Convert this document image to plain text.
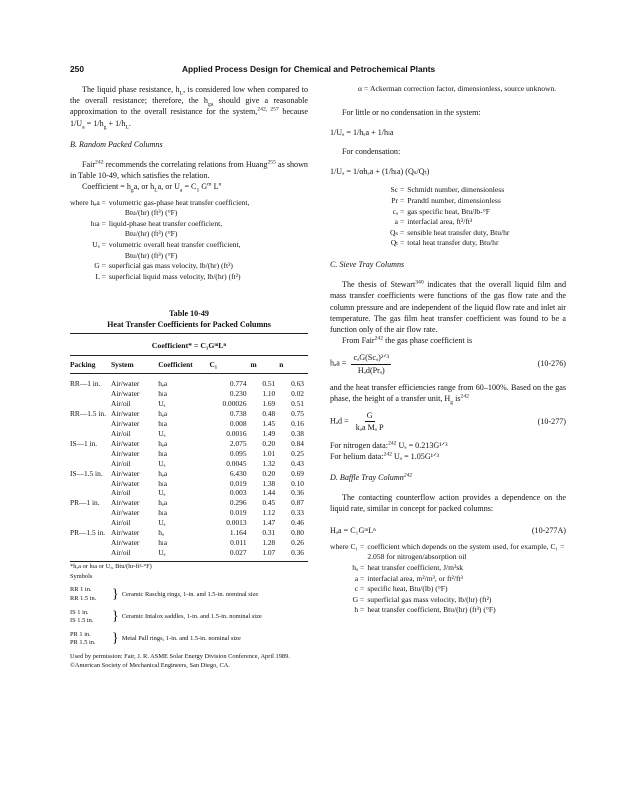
250	Applied Process Design for Chemical and Petrochemical Plants

The liquid phase resistance, $h_L$, is considered low when compared to the overall resistance; therefore, the $h_{ga}$ should give a reasonable approximation to the overall resistance for the system,$^{242, 257}$ because $1/U_a = 1/h_g + 1/h_L$.

B. Random Packed Columns

Fair$^{242}$ recommends the correlating relations from Huang$^{255}$ as shown in Table 10-49, which satisfies the relation.

Coefficient = $h_ga$, or $h_La$, or $U_a = C_1$ $G^m$ $L^n$

where hₐa = volumetric gas-phase heat transfer coefficient,
Btu/(hr) (ft³) (°F)
hₗa = liquid-phase heat transfer coefficient,
Btu/(hr) (ft³) (°F)
Uₐ = volumetric overall heat transfer coefficient,
Btu/(hr) (ft³) (°F)
G = superficial gas mass velocity, lb/(hr) (ft²)
L = superficial liquid mass velocity, lb/(hr) (ft²)
Table 10-49
Heat Transfer Coefficients for Packed Columns
Coefficient* = C₁GᵐLⁿ
Packing	System	Coefficient	C₁	m	n
RR—1 in.	Air/water	hₐa	0.774	0.51	0.63
	Air/water	hₗa	0.230	1.10	0.02
	Air/oil	Uₐ	0.00026	1.69	0.51
RR—1.5 in.	Air/water	hₐa	0.738	0.48	0.75
	Air/water	hₗa	0.008	1.45	0.16
	Air/oil	Uₐ	0.0016	1.49	0.38
IS—1 in.	Air/water	hₐa	2.075	0.20	0.84
	Air/water	hₗa	0.095	1.01	0.25
	Air/oil	Uₐ	0.0045	1.32	0.43
IS—1.5 in.	Air/water	hₐa	6.430	0.20	0.69
	Air/water	hₗa	0.019	1.38	0.10
	Air/oil	Uₐ	0.003	1.44	0.36
PR—1 in.	Air/water	hₐa	0.296	0.45	0.87
	Air/water	hₗa	0.019	1.12	0.33
	Air/oil	Uₐ	0.0013	1.47	0.46
PR—1.5 in.	Air/water	hₐ	1.164	0.31	0.80
	Air/water	hₗa	0.011	1.28	0.26
	Air/oil	Uₐ	0.027	1.07	0.36
*hₐa or hₗa or Uₐ, Btu/(hr-ft³-°F)
Symbols
RR 1 in.
RR 1.5 in.	} Ceramic Raschig rings, 1-in. and 1.5-in. nominal size
IS 1 in.
IS 1.5 in.	} Ceramic Intalox saddles, 1-in. and 1.5-in. nominal size
PR 1 in.
PR 1.5 in.	} Metal Pall rings, 1-in. and 1.5-in. nominal size
Used by permission: Fair, J. R. ASME Solar Energy Division Conference, April 1989. ©American Society of Mechanical Engineers, San Diego, CA.
α = Ackerman correction factor, dimensionless, source unknown.

For little or no condensation in the system:

1/Uₐ = 1/hₐa + 1/hₗa

For condensation:

1/Uₐ = 1/αhₐa + (1/hₗa) (Qₛ/Qₜ)

Sc = Schmidt number, dimensionless
Pr = Prandtl number, dimensionless
cₐ = gas specific heat, Btu/lb-°F
a = interfacial area, ft²/ft³
Qₛ = sensible heat transfer duty, Btu/hr
Qₜ = total heat transfer duty, Btu/hr

C. Sieve Tray Columns

The thesis of Stewart$^{340}$ indicates that the overall liquid film and mass transfer coefficients were functions of the gas flow rate and the column pressure and are independent of the liquid flow rate and inlet air temperature. The gas film heat transfer coefficient was found to be a function only of the air flow rate.

From Fair$^{242}$ the gas phase coefficient is

$h_aa = \frac{\text{cₐG(Scₐ)²ᐟ³}}{\text{Hₐd(Prₐ)}}$	(10-276)

and the heat transfer efficiencies range from 60–100%. Based on the gas phase, the height of a transfer unit, $H_g$ $is^{242}$

$H_ad = \frac{G}{\text{kₐa Mₐ P}}$	(10-277)

For nitrogen data:$^{242}$ Uₐ = 0.213G¹ᐟ³

For helium data:$^{242}$ Uₐ = 1.05G¹ᐟ³

D. Baffle Tray Column$^{242}$

The contacting counterflow action provides a dependence on the liquid rate, similar in concept for packed columns:

Hₐa = C₁GᵐLⁿ	(10-277A)
where C₁ = coefficient which depends on the system used, for example, C₁ = 2.058 for nitrogen/absorption oil
hₐ = heat transfer coefficient, J/m³sk
a = interfacial area, m²/m³, or ft²/ft³
c = specific heat, Btu/(lb) (°F)
G = superficial gas mass velocity, lb/(hr) (ft²)
h = heat transfer coefficient, Btu/(hr) (ft³) (°F)
